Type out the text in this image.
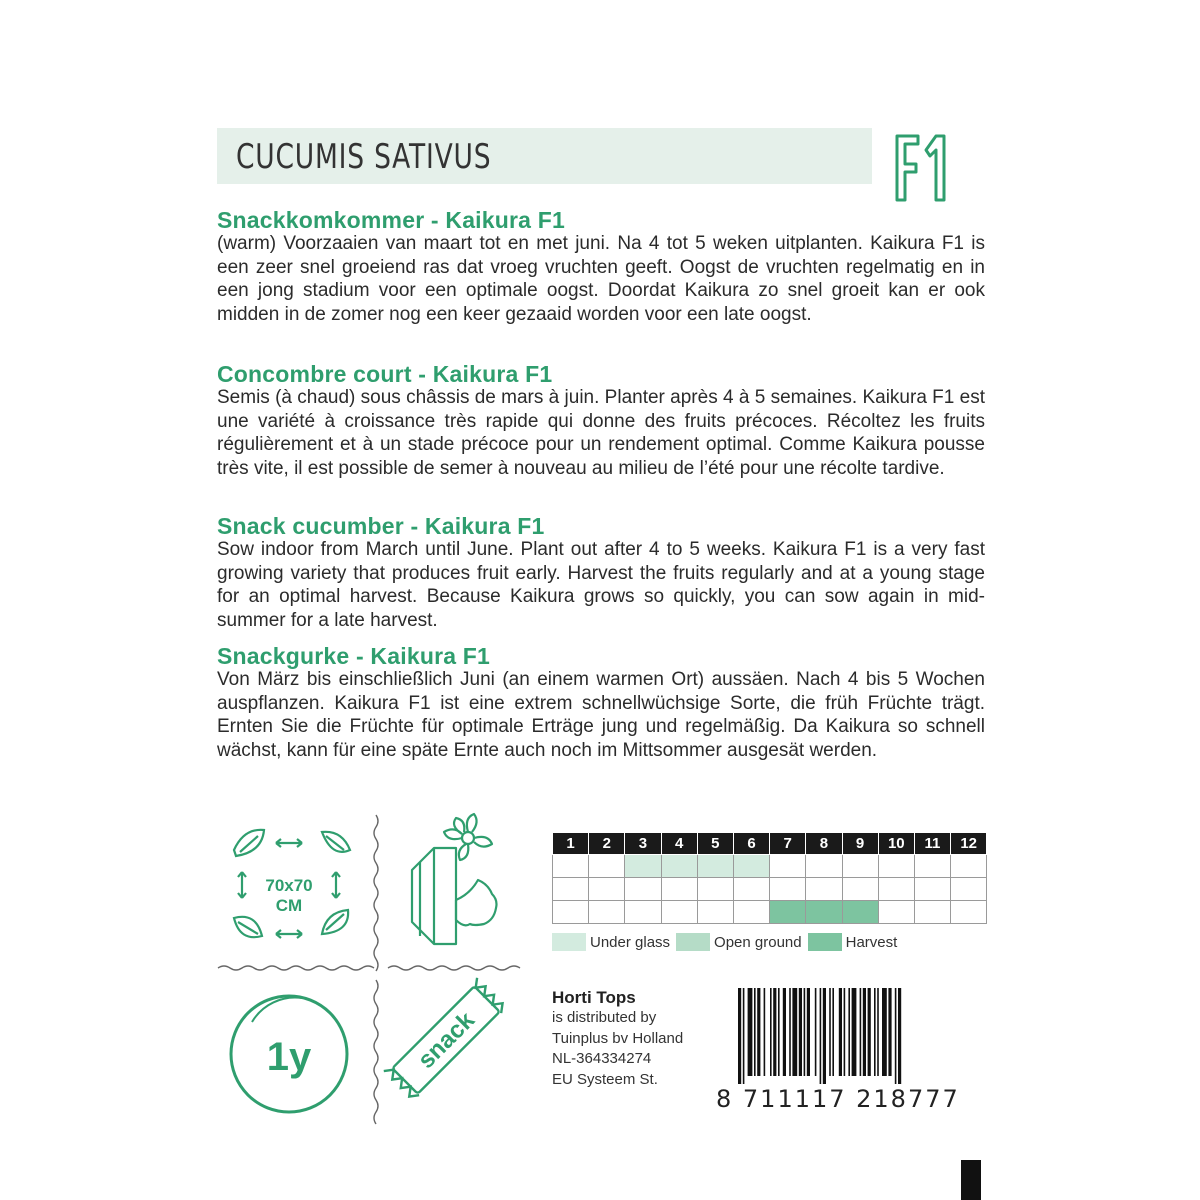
CUCUMIS SATIVUS
Snackkomkommer - Kaikura F1

(warm) Voorzaaien van maart tot en met juni. Na 4 tot 5 weken uitplanten. Kaikura F1 is een zeer snel groeiend ras dat vroeg vruchten geeft. Oogst de vruchten regelmatig en in een jong stadium voor een optimale oogst. Doordat Kaikura zo snel groeit kan er ook midden in de zomer nog een keer gezaaid worden voor een late oogst.

Concombre court - Kaikura F1

Semis (à chaud) sous châssis de mars à juin. Planter après 4 à 5 semaines. Kaikura F1 est une variété à croissance très rapide qui donne des fruits précoces. Récoltez les fruits régulièrement et à un stade précoce pour un rendement optimal. Comme Kaikura pousse très vite, il est possible de semer à nouveau au milieu de l’été pour une récolte tardive.

Snack cucumber - Kaikura F1

Sow indoor from March until June. Plant out after 4 to 5 weeks. Kaikura F1 is a very fast growing variety that produces fruit early. Harvest the fruits regularly and at a young stage for an optimal harvest. Because Kaikura grows so quickly, you can sow again in mid-summer for a late harvest.

Snackgurke - Kaikura F1

Von März bis einschließlich Juni (an einem warmen Ort) aussäen. Nach 4 bis 5 Wochen auspflanzen. Kaikura F1 ist eine extrem schnellwüchsige Sorte, die früh Früchte trägt. Ernten Sie die Früchte für optimale Erträge jung und regelmäßig. Da Kaikura so schnell wächst, kann für eine späte Ernte auch noch im Mittsommer ausgesät werden.

1y	snack
70x70
CM
1	2	3	4	5	6	7	8	9	10	11	12

Under glass	Open ground	Harvest
Horti Tops
is distributed by
Tuinplus bv Holland
NL-364334274
EU Systeem St.
8 711117 218777
